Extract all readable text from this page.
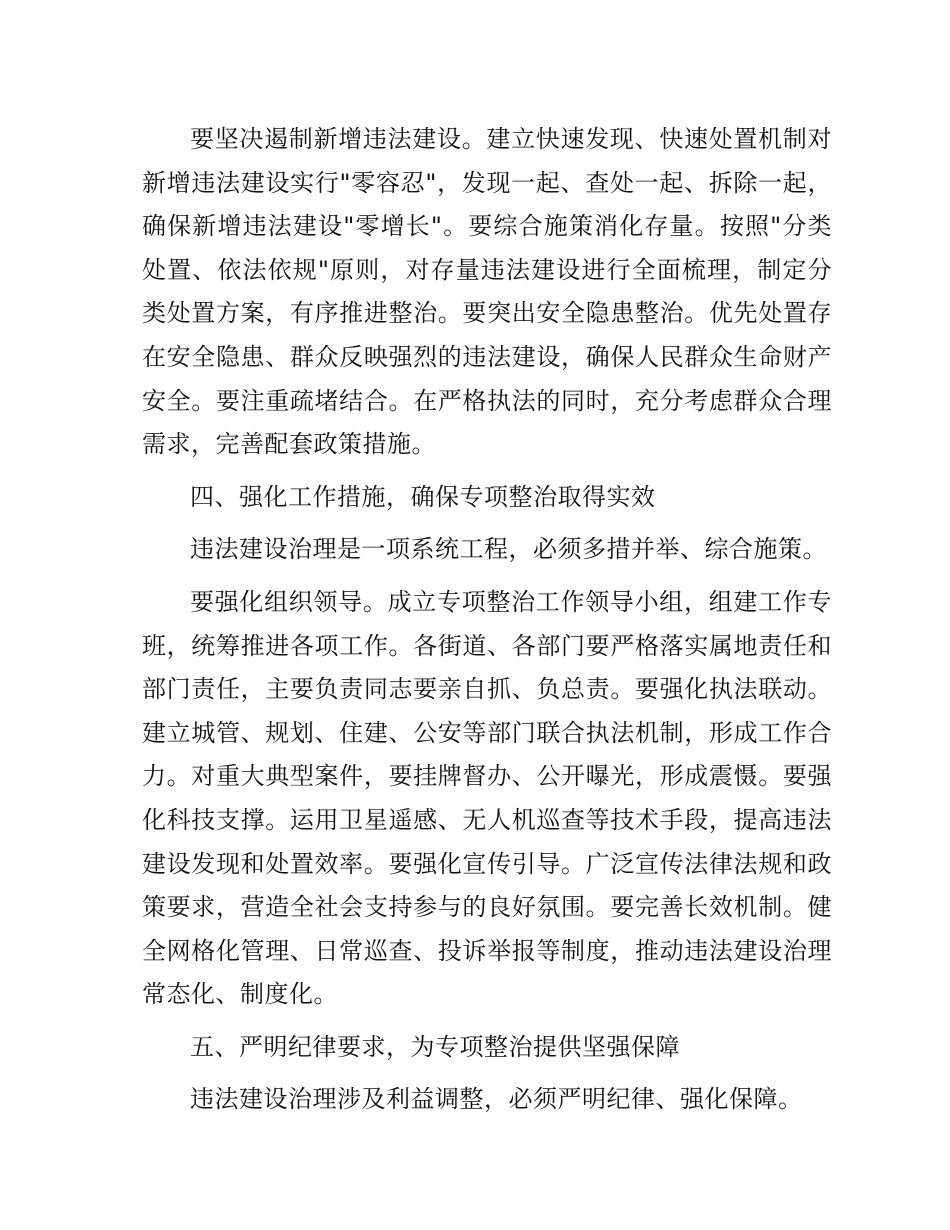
要坚决遏制新增违法建设。建立快速发现、快速处置机制对新增违法建设实行"零容忍"，发现一起、查处一起、拆除一起，确保新增违法建设"零增长"。要综合施策消化存量。按照"分类处置、依法依规"原则，对存量违法建设进行全面梳理，制定分类处置方案，有序推进整治。要突出安全隐患整治。优先处置存在安全隐患、群众反映强烈的违法建设，确保人民群众生命财产安全。要注重疏堵结合。在严格执法的同时，充分考虑群众合理需求，完善配套政策措施。

四、强化工作措施，确保专项整治取得实效

违法建设治理是一项系统工程，必须多措并举、综合施策。

要强化组织领导。成立专项整治工作领导小组，组建工作专班，统筹推进各项工作。各街道、各部门要严格落实属地责任和部门责任，主要负责同志要亲自抓、负总责。要强化执法联动。建立城管、规划、住建、公安等部门联合执法机制，形成工作合力。对重大典型案件，要挂牌督办、公开曝光，形成震慑。要强化科技支撑。运用卫星遥感、无人机巡查等技术手段，提高违法建设发现和处置效率。要强化宣传引导。广泛宣传法律法规和政策要求，营造全社会支持参与的良好氛围。要完善长效机制。健全网格化管理、日常巡查、投诉举报等制度，推动违法建设治理常态化、制度化。

五、严明纪律要求，为专项整治提供坚强保障

违法建设治理涉及利益调整，必须严明纪律、强化保障。
